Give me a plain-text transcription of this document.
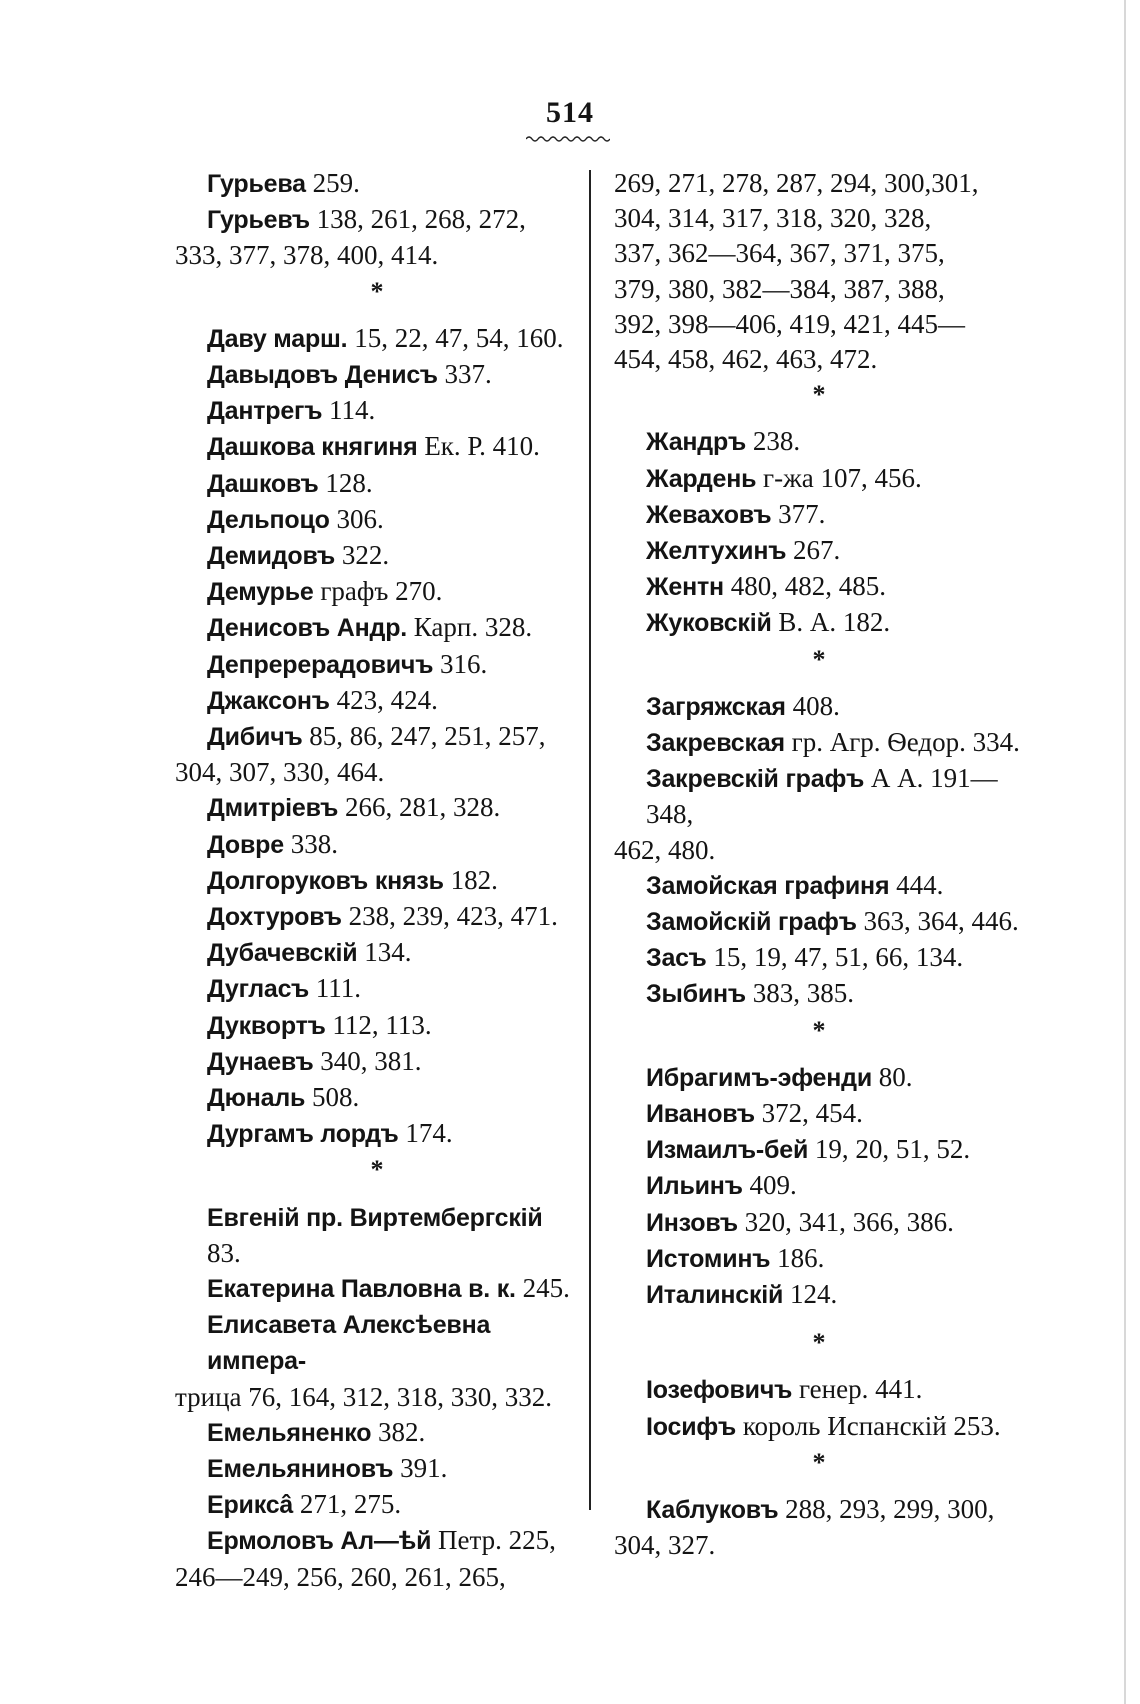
514

Гурьева 259.

Гурьевъ 138, 261, 268, 272,

333, 377, 378, 400, 414.

*

Даву марш. 15, 22, 47, 54, 160.

Давыдовъ Денисъ 337.

Дантрегъ 114.

Дашкова княгиня Ек. Р. 410.

Дашковъ 128.

Дельпоцо 306.

Демидовъ 322.

Демурье графъ 270.

Денисовъ Андр. Карп. 328.

Депререрадовичъ 316.

Джаксонъ 423, 424.

Дибичъ 85, 86, 247, 251, 257,

304, 307, 330, 464.

Дмитріевъ 266, 281, 328.

Довре 338.

Долгоруковъ князь 182.

Дохтуровъ 238, 239, 423, 471.

Дубачевскій 134.

Дугласъ 111.

Дуквортъ 112, 113.

Дунаевъ 340, 381.

Дюналь 508.

Дургамъ лордъ 174.

*

Евгеній пр. Виртембергскій 83.

Екатерина Павловна в. к. 245.

Елисавета Алексѣевна импера-

трица 76, 164, 312, 318, 330, 332.

Емельяненко 382.

Емельяниновъ 391.

Ериксâ 271, 275.

Ермоловъ Ал—ѣй Петр. 225,

246—249, 256, 260, 261, 265,

269, 271, 278, 287, 294, 300,301,

304, 314, 317, 318, 320, 328,

337, 362—364, 367, 371, 375,

379, 380, 382—384, 387, 388,

392, 398—406, 419, 421, 445—

454, 458, 462, 463, 472.

*

Жандръ 238.

Жардень г-жа 107, 456.

Жеваховъ 377.

Желтухинъ 267.

Жентн 480, 482, 485.

Жуковскій В. А. 182.

*

Загряжская 408.

Закревская гр. Агр. Ѳедор. 334.

Закревскій графъ А А. 191—348,

462, 480.

Замойская графиня 444.

Замойскій графъ 363, 364, 446.

Засъ 15, 19, 47, 51, 66, 134.

Зыбинъ 383, 385.

*

Ибрагимъ-эфенди 80.

Ивановъ 372, 454.

Измаилъ-бей 19, 20, 51, 52.

Ильинъ 409.

Инзовъ 320, 341, 366, 386.

Истоминъ 186.

Италинскій 124.

*

Іозефовичъ генер. 441.

Іосифъ король Испанскій 253.

*

Каблуковъ 288, 293, 299, 300,

304, 327.
